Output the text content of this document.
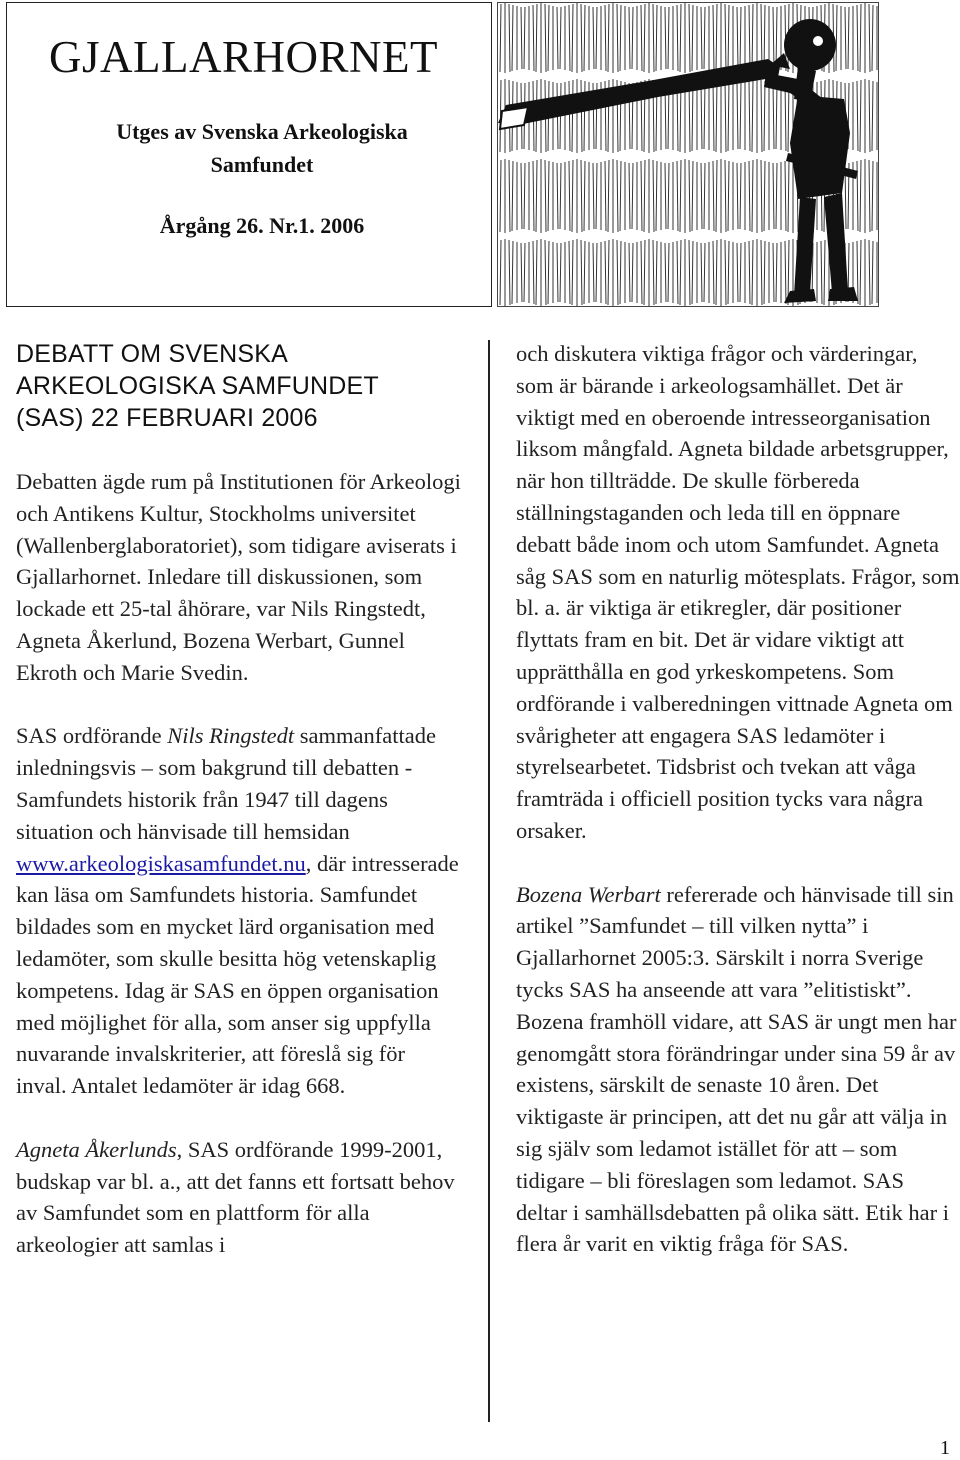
GJALLARHORNET
Utges av Svenska Arkeologiska
Samfundet
Årgång 26. Nr.1. 2006
DEBATT OM SVENSKA
ARKEOLOGISKA SAMFUNDET
(SAS) 22 FEBRUARI 2006

Debatten ägde rum på Institutionen för Arkeologi och Antikens Kultur, Stockholms universitet (Wallenberglaboratoriet), som tidigare aviserats i Gjallarhornet. Inledare till diskussionen, som lockade ett 25-tal åhörare, var Nils Ringstedt, Agneta Åkerlund, Bozena Werbart, Gunnel Ekroth och Marie Svedin.

SAS ordförande Nils Ringstedt sammanfattade inledningsvis – som bakgrund till debatten - Samfundets historik från 1947 till dagens situation och hänvisade till hemsidan www.arkeologiskasamfundet.nu, där intresserade kan läsa om Samfundets historia. Samfundet bildades som en mycket lärd organisation med ledamöter, som skulle besitta hög vetenskaplig kompetens. Idag är SAS en öppen organisation med möjlighet för alla, som anser sig uppfylla nuvarande invalskriterier, att föreslå sig för inval. Antalet ledamöter är idag 668.

Agneta Åkerlunds, SAS ordförande 1999-2001, budskap var bl. a., att det fanns ett fortsatt behov av Samfundet som en plattform för alla arkeologier att samlas i

och diskutera viktiga frågor och värderingar, som är bärande i arkeologsamhället. Det är viktigt med en oberoende intresseorganisation liksom mångfald. Agneta bildade arbetsgrupper, när hon tillträdde. De skulle förbereda ställningstaganden och leda till en öppnare debatt både inom och utom Samfundet. Agneta såg SAS som en naturlig mötesplats. Frågor, som bl. a. är viktiga är etikregler, där positioner flyttats fram en bit. Det är vidare viktigt att upprätthålla en god yrkeskompetens. Som ordförande i valberedningen vittnade Agneta om svårigheter att engagera SAS ledamöter i styrelsearbetet. Tidsbrist och tvekan att våga framträda i officiell position tycks vara några orsaker.

Bozena Werbart refererade och hänvisade till sin artikel ”Samfundet – till vilken nytta” i Gjallarhornet 2005:3. Särskilt i norra Sverige tycks SAS ha anseende att vara ”elitistiskt”. Bozena framhöll vidare, att SAS är ungt men har genomgått stora förändringar under sina 59 år av existens, särskilt de senaste 10 åren. Det viktigaste är principen, att det nu går att välja in sig själv som ledamot istället för att – som tidigare – bli föreslagen som ledamot. SAS deltar i samhällsdebatten på olika sätt. Etik har i flera år varit en viktig fråga för SAS.

1
